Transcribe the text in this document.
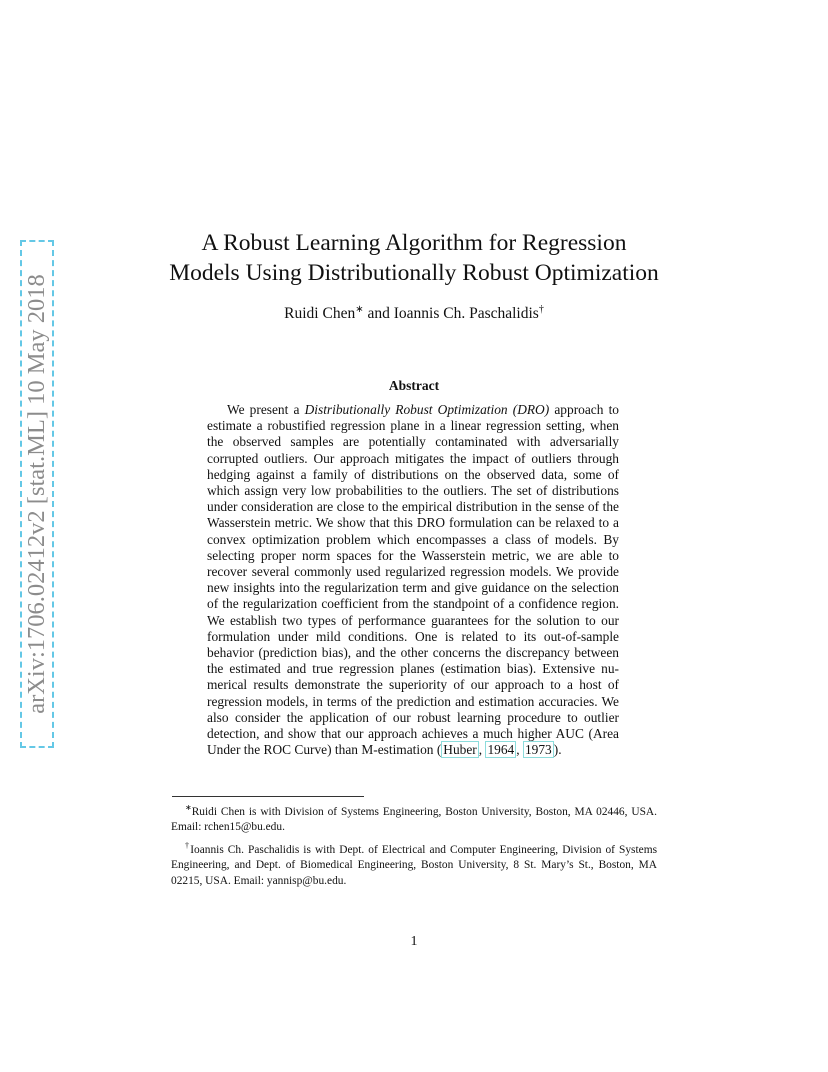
arXiv:1706.02412v2 [stat.ML] 10 May 2018
A Robust Learning Algorithm for Regression
Models Using Distributionally Robust Optimization
Ruidi Chen∗ and Ioannis Ch. Paschalidis†
Abstract

We present a Distributionally Robust Optimization (DRO) approach to estimate a robustified regression plane in a linear regression setting, when the observed samples are potentially contaminated with adversarially corrupted outliers. Our approach mitigates the impact of outliers through hedging against a family of distributions on the observed data, some of which assign very low probabilities to the outliers. The set of distributions under consideration are close to the empirical distribution in the sense of the Wasserstein metric. We show that this DRO formulation can be relaxed to a convex optimization problem which encompasses a class of models. By selecting proper norm spaces for the Wasserstein metric, we are able to recover several commonly used regularized regression models. We provide new insights into the regularization term and give guidance on the selection of the regularization coefficient from the standpoint of a confidence region. We establish two types of performance guarantees for the solution to our formulation under mild conditions. One is related to its out-of-sample behavior (prediction bias), and the other concerns the discrepancy between the estimated and true regression planes (estimation bias). Extensive numerical results demonstrate the superiority of our approach to a host of regression models, in terms of the prediction and estimation accuracies. We also consider the application of our robust learning procedure to outlier detection, and show that our approach achieves a much higher AUC (Area Under the ROC Curve) than M-estimation ( Huber , 1964 , 1973 ).

∗Ruidi Chen is with Division of Systems Engineering, Boston University, Boston, MA 02446, USA. Email: rchen15@bu.edu.

†Ioannis Ch. Paschalidis is with Dept. of Electrical and Computer Engineering, Division of Systems Engineering, and Dept. of Biomedical Engineering, Boston University, 8 St. Mary’s St., Boston, MA 02215, USA. Email: yannisp@bu.edu.

1
